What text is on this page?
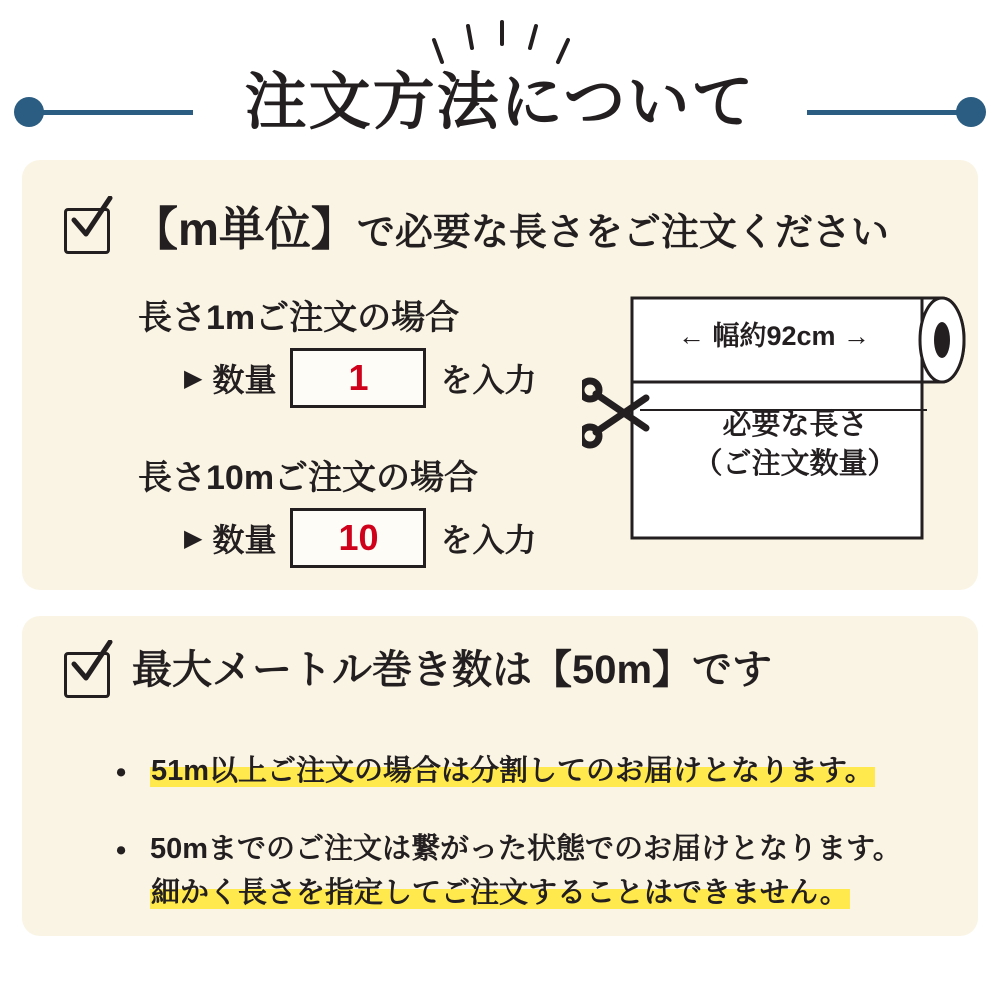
注文方法について
【m単位】で必要な長さをご注文ください
長さ1mご注文の場合
▶ 数量	1	を入力
長さ10mご注文の場合
▶ 数量	10	を入力
← 幅約92cm →
必要な長さ
（ご注文数量）
最大メートル巻き数は【50m】です
• 51m以上ご注文の場合は分割してのお届けとなります。
• 50mまでのご注文は繋がった状態でのお届けとなります。
細かく長さを指定してご注文することはできません。
